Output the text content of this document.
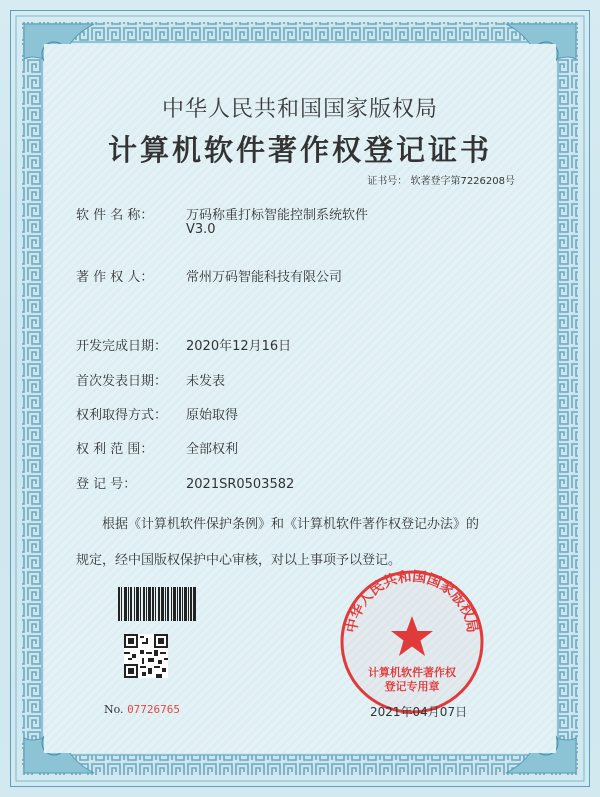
中华人民共和国国家版权局
计算机软件著作权登记证书
证书号： 软著登字第7226208号
软 件 名 称：	万码称重打标智能控制系统软件
V3.0
著 作 权 人：	常州万码智能科技有限公司
开发完成日期： 2020年12月16日
首次发表日期： 未发表
权利取得方式： 原始取得
权 利 范 围：	全部权利
登 记 号：	2021SR0503582
根据《计算机软件保护条例》和《计算机软件著作权登记办法》的
规定，经中国版权保护中心审核，对以上事项予以登记。
No. 07726765
中华人民共和国国家版权局
计算机软件著作权
登记专用章
2021年04月07日
